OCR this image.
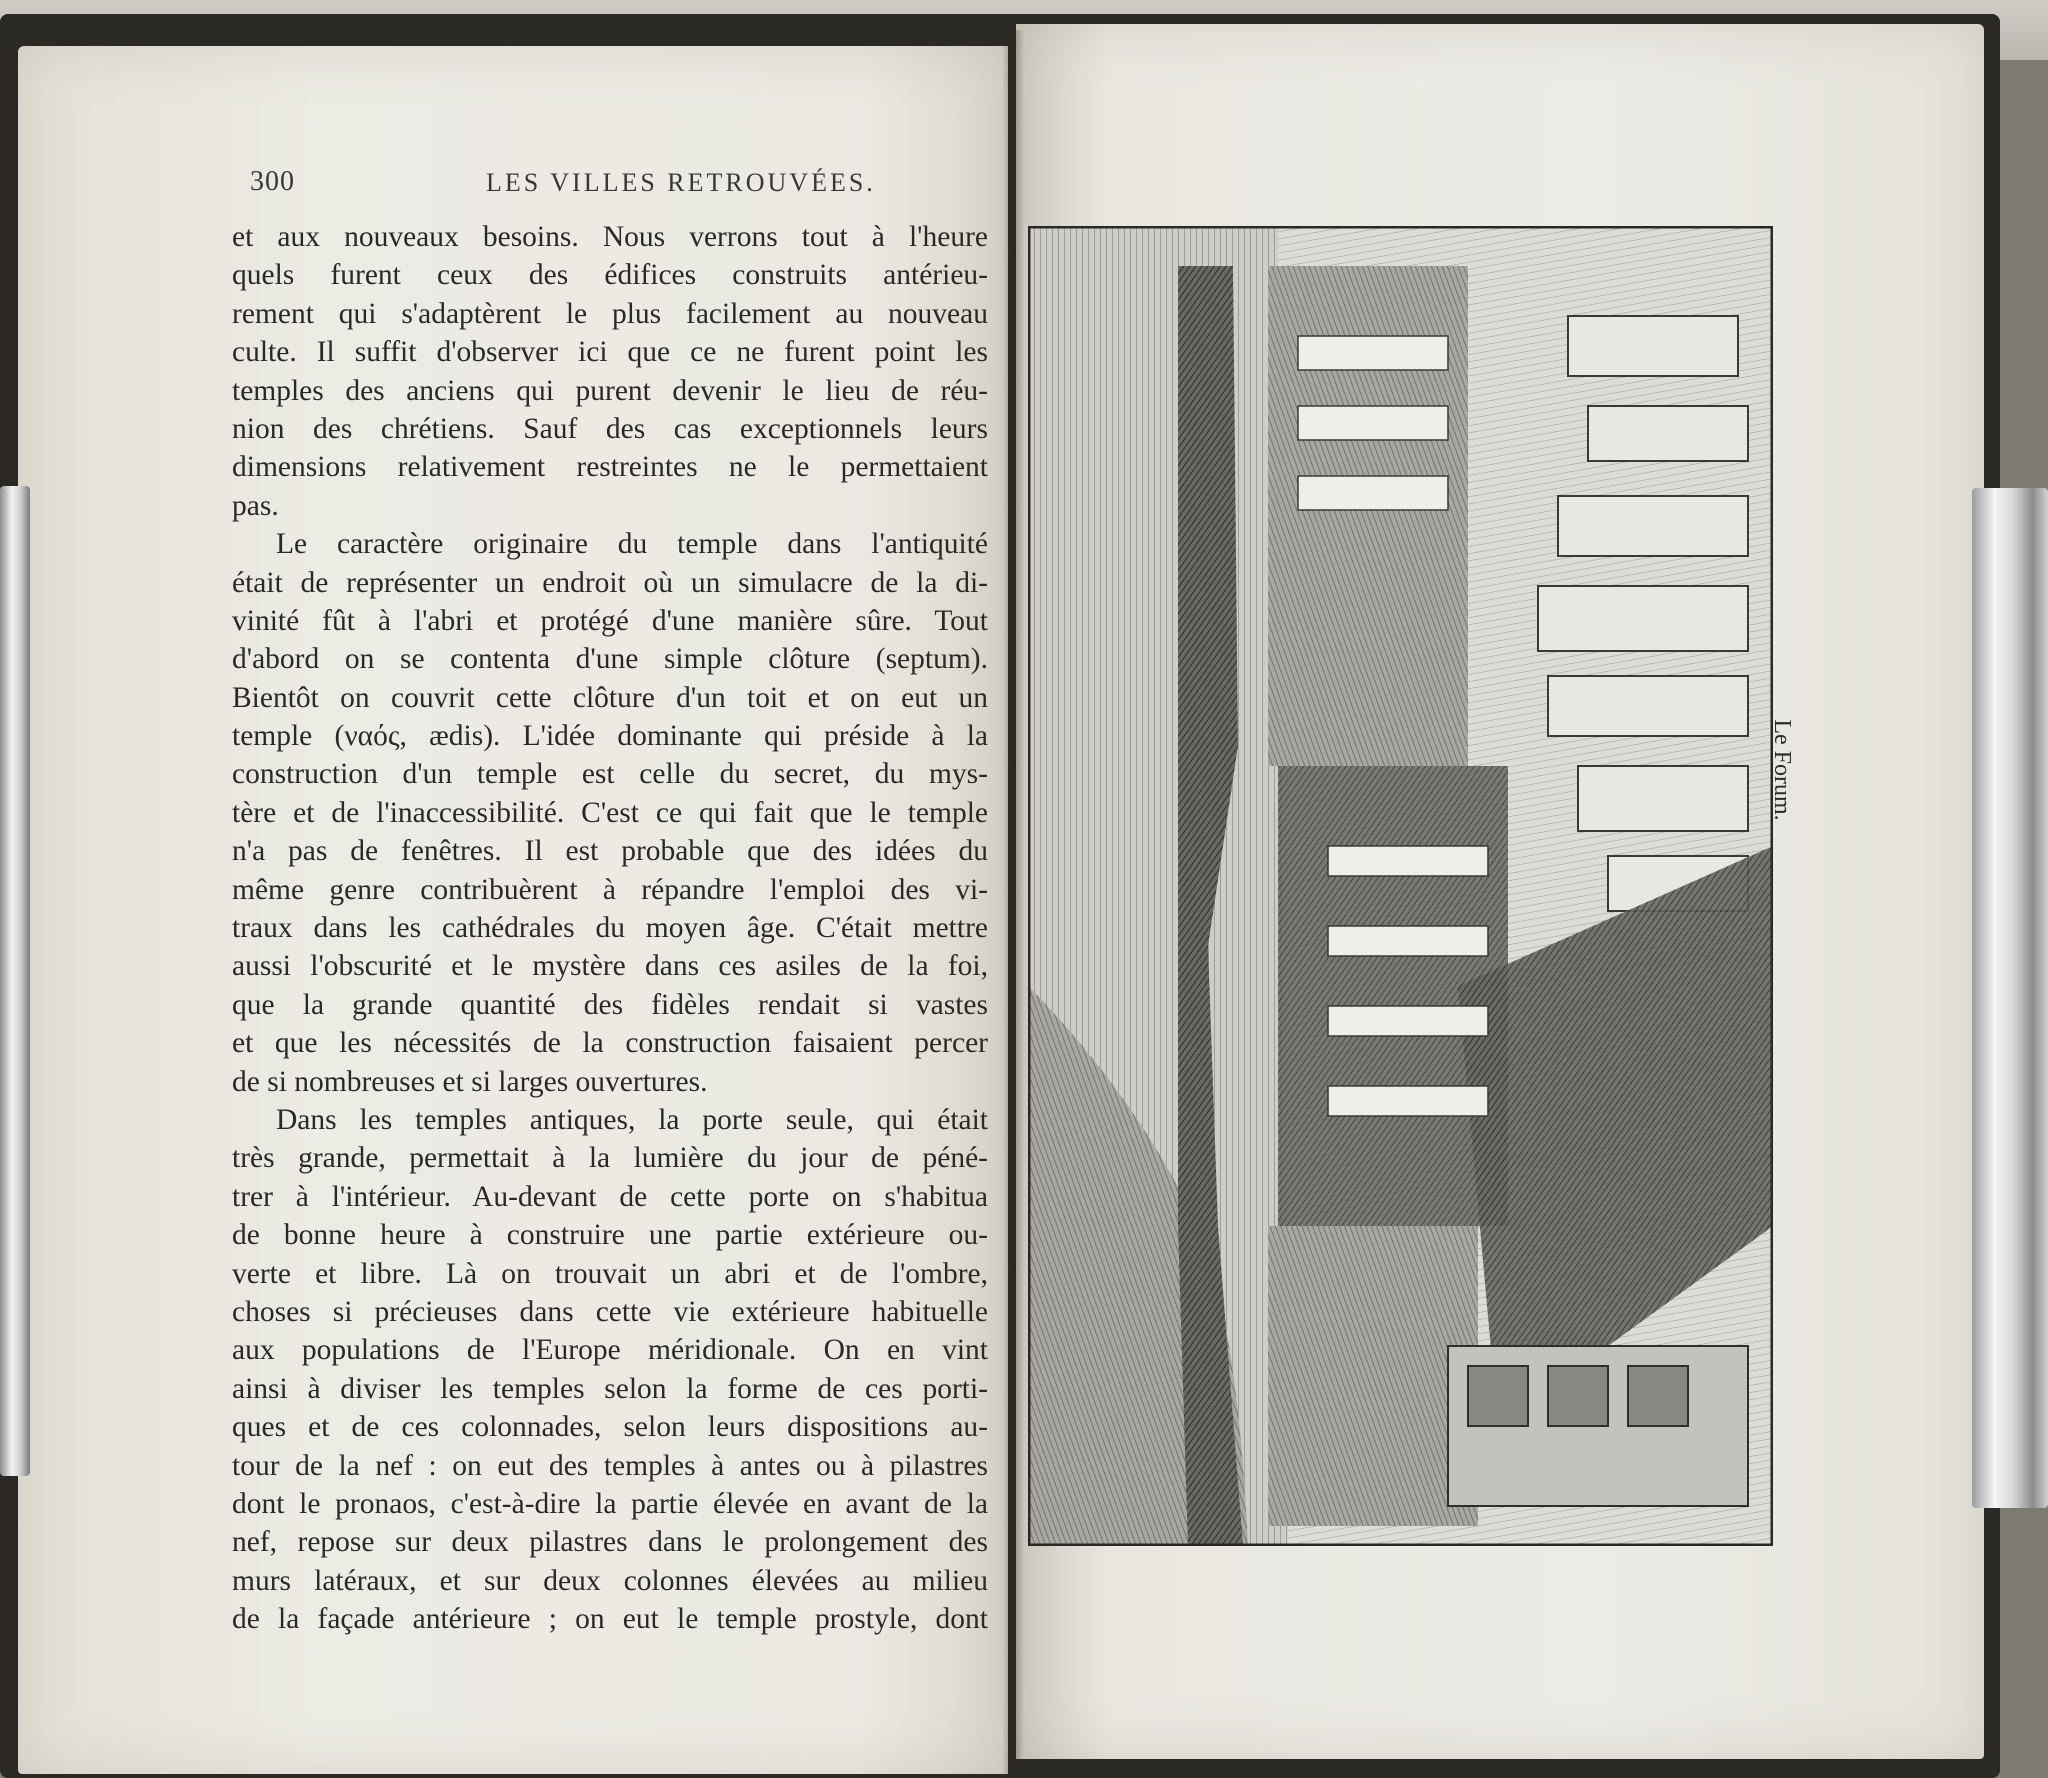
300	LES VILLES RETROUVÉES.
et aux nouveaux besoins. Nous verrons tout à l'heure
quels furent ceux des édifices construits antérieu-
rement qui s'adaptèrent le plus facilement au nouveau
culte. Il suffit d'observer ici que ce ne furent point les
temples des anciens qui purent devenir le lieu de réu-
nion des chrétiens. Sauf des cas exceptionnels leurs
dimensions relativement restreintes ne le permettaient
pas.
Le caractère originaire du temple dans l'antiquité
était de représenter un endroit où un simulacre de la di-
vinité fût à l'abri et protégé d'une manière sûre. Tout
d'abord on se contenta d'une simple clôture (septum).
Bientôt on couvrit cette clôture d'un toit et on eut un
temple (ναός, ædis). L'idée dominante qui préside à la
construction d'un temple est celle du secret, du mys-
tère et de l'inaccessibilité. C'est ce qui fait que le temple
n'a pas de fenêtres. Il est probable que des idées du
même genre contribuèrent à répandre l'emploi des vi-
traux dans les cathédrales du moyen âge. C'était mettre
aussi l'obscurité et le mystère dans ces asiles de la foi,
que la grande quantité des fidèles rendait si vastes
et que les nécessités de la construction faisaient percer
de si nombreuses et si larges ouvertures.
Dans les temples antiques, la porte seule, qui était
très grande, permettait à la lumière du jour de péné-
trer à l'intérieur. Au-devant de cette porte on s'habitua
de bonne heure à construire une partie extérieure ou-
verte et libre. Là on trouvait un abri et de l'ombre,
choses si précieuses dans cette vie extérieure habituelle
aux populations de l'Europe méridionale. On en vint
ainsi à diviser les temples selon la forme de ces porti-
ques et de ces colonnades, selon leurs dispositions au-
tour de la nef : on eut des temples à antes ou à pilastres
dont le pronaos, c'est-à-dire la partie élevée en avant de la
nef, repose sur deux pilastres dans le prolongement des
murs latéraux, et sur deux colonnes élevées au milieu
de la façade antérieure ; on eut le temple prostyle, dont
Le Forum.
